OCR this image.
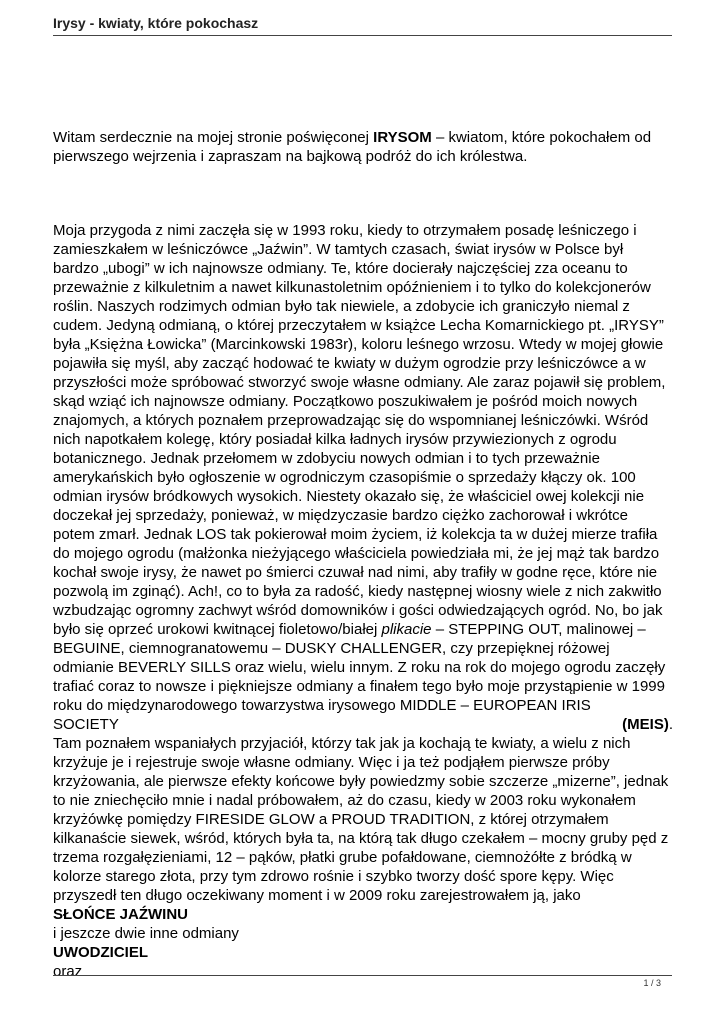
Irysy - kwiaty, które pokochasz

Witam serdecznie na mojej stronie poświęconej IRYSOM – kwiatom, które pokochałem od pierwszego wejrzenia i zapraszam na bajkową podróż do ich królestwa.

Moja przygoda z nimi zaczęła się w 1993 roku, kiedy to otrzymałem posadę leśniczego i zamieszkałem w leśniczówce „Jaźwin”. W tamtych czasach, świat irysów w Polsce był bardzo „ubogi” w ich najnowsze odmiany. Te, które docierały najczęściej zza oceanu to przeważnie z kilkuletnim a nawet kilkunastoletnim opóźnieniem i to tylko do kolekcjonerów roślin. Naszych rodzimych odmian było tak niewiele, a zdobycie ich graniczyło niemal z cudem. Jedyną odmianą, o której przeczytałem w książce Lecha Komarnickiego pt. „IRYSY” była „Księżna Łowicka” (Marcinkowski 1983r), koloru leśnego wrzosu. Wtedy w mojej głowie pojawiła się myśl, aby zacząć hodować te kwiaty w dużym ogrodzie przy leśniczówce a w przyszłości może spróbować stworzyć swoje własne odmiany. Ale zaraz pojawił się problem, skąd wziąć ich najnowsze odmiany. Początkowo poszukiwałem je pośród moich nowych znajomych, a których poznałem przeprowadzając się do wspomnianej leśniczówki. Wśród nich napotkałem kolegę, który posiadał kilka ładnych irysów przywiezionych z ogrodu botanicznego. Jednak przełomem w zdobyciu nowych odmian i to tych przeważnie amerykańskich było ogłoszenie w ogrodniczym czasopiśmie o sprzedaży kłączy ok. 100 odmian irysów bródkowych wysokich. Niestety okazało się, że właściciel owej kolekcji nie doczekał jej sprzedaży, ponieważ, w międzyczasie bardzo ciężko zachorował i wkrótce potem zmarł. Jednak LOS tak pokierował moim życiem, iż kolekcja ta w dużej mierze trafiła do mojego ogrodu (małżonka nieżyjącego właściciela powiedziała mi, że jej mąż tak bardzo kochał swoje irysy, że nawet po śmierci czuwał nad nimi, aby trafiły w godne ręce, które nie pozwolą im zginąć). Ach!, co to była za radość, kiedy następnej wiosny wiele z nich zakwitło wzbudzając ogromny zachwyt wśród domowników i gości odwiedzających ogród. No, bo jak było się oprzeć urokowi kwitnącej fioletowo/białej plikacie – STEPPING OUT, malinowej – BEGUINE, ciemnogranatowemu – DUSKY CHALLENGER, czy przepięknej różowej odmianie BEVERLY SILLS oraz wielu, wielu innym. Z roku na rok do mojego ogrodu zaczęły trafiać coraz to nowsze i piękniejsze odmiany a finałem tego było moje przystąpienie w 1999 roku do międzynarodowego towarzystwa irysowego MIDDLE – EUROPEAN IRIS

SOCIETY	(MEIS).

Tam poznałem wspaniałych przyjaciół, którzy tak jak ja kochają te kwiaty, a wielu z nich krzyżuje je i rejestruje swoje własne odmiany. Więc i ja też podjąłem pierwsze próby krzyżowania, ale pierwsze efekty końcowe były powiedzmy sobie szczerze „mizerne”, jednak to nie zniechęciło mnie i nadal próbowałem, aż do czasu, kiedy w 2003 roku wykonałem krzyżówkę pomiędzy FIRESIDE GLOW a PROUD TRADITION, z której otrzymałem kilkanaście siewek, wśród, których była ta, na którą tak długo czekałem – mocny gruby pęd z trzema rozgałęzieniami, 12 – pąków, płatki grube pofałdowane, ciemnożółte z bródką w kolorze starego złota, przy tym zdrowo rośnie i szybko tworzy dość spore kępy. Więc przyszedł ten długo oczekiwany moment i w 2009 roku zarejestrowałem ją, jako

SŁOŃCE JAŹWINU

i jeszcze dwie inne odmiany

UWODZICIEL

oraz

1 / 3
